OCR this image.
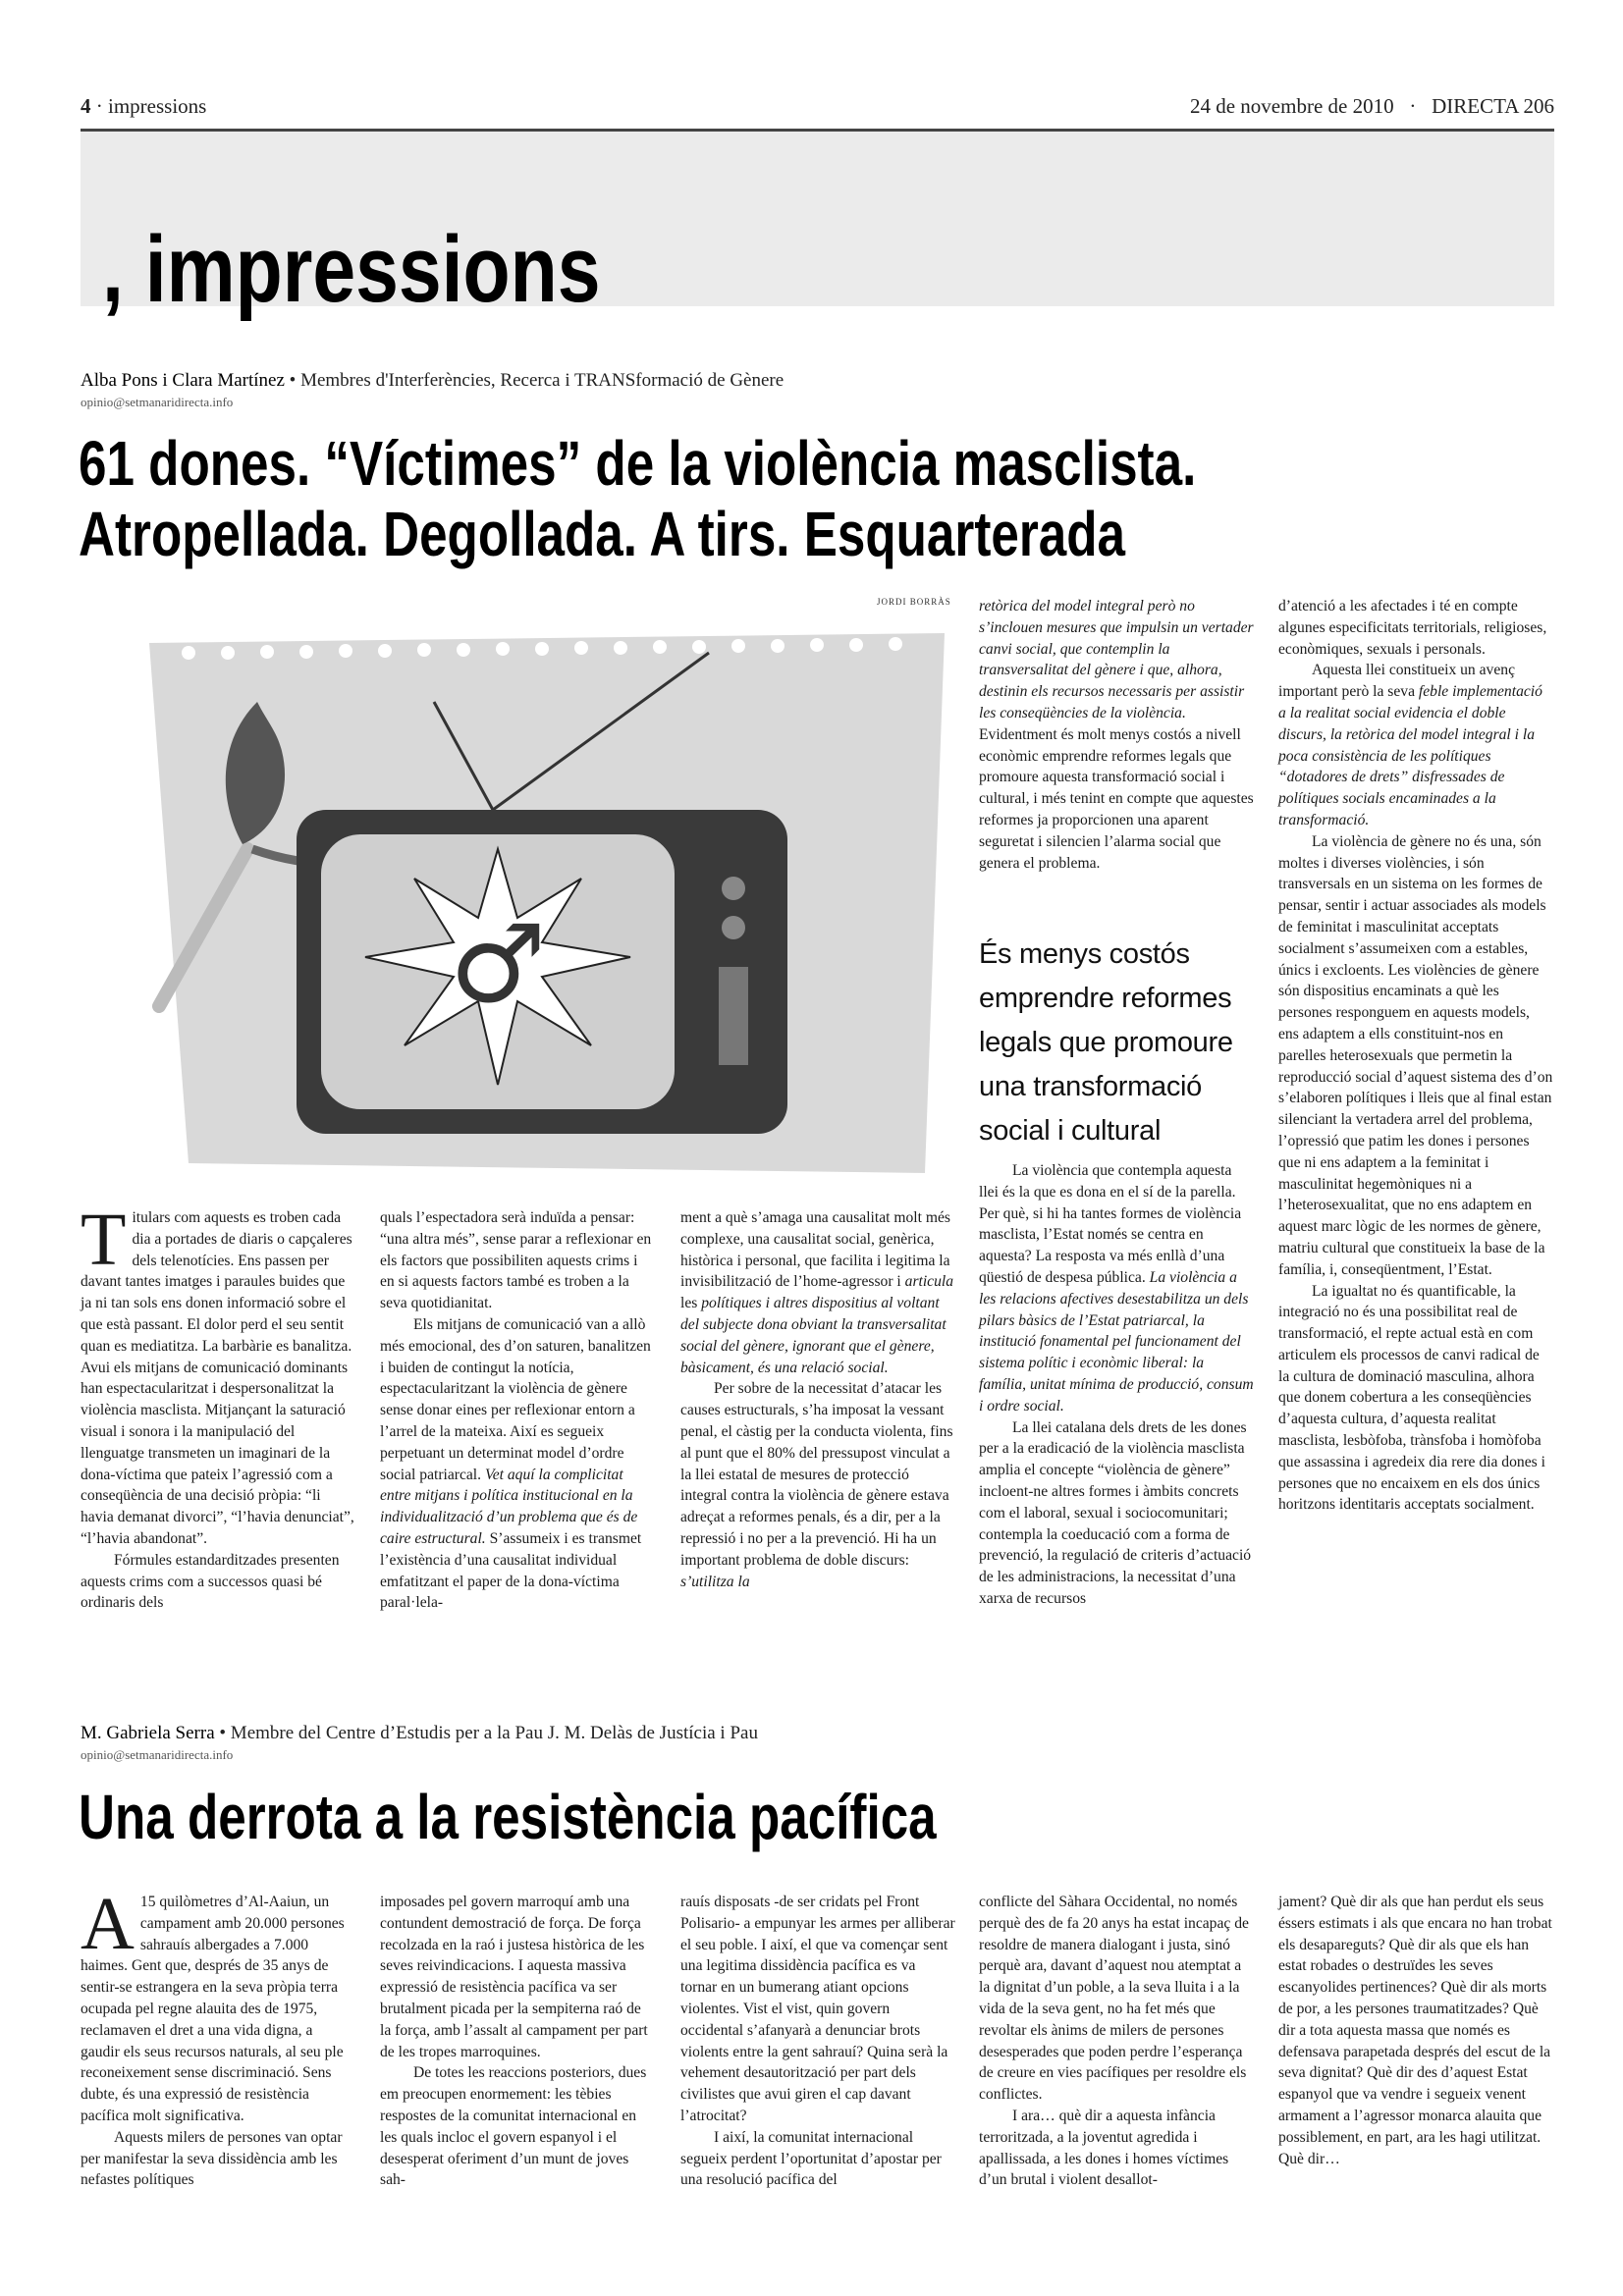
4 · impressions	24 de novembre de 2010   ·   DIRECTA 206
, impressions
Alba Pons i Clara Martínez • Membres d'Interferències, Recerca i TRANSformació de Gènere
opinio@setmanaridirecta.info
61 dones. “Víctimes” de la violència masclista.
Atropellada. Degollada. A tirs. Esquarterada
JORDI BORRÀS
♂

Titulars com aquests es troben cada dia a portades de diaris o capçaleres dels telenotícies. Ens passen per davant tantes imatges i paraules buides que ja ni tan sols ens donen informació sobre el que està passant. El dolor perd el seu sentit quan es mediatitza. La barbàrie es banalitza. Avui els mitjans de comunicació dominants han espectacularitzat i despersonalitzat la violència masclista. Mitjançant la saturació visual i sonora i la manipulació del llenguatge transmeten un imaginari de la dona-víctima que pateix l’agressió com a conseqüència de una decisió pròpia: “li havia demanat divorci”, “l’havia denunciat”, “l’havia abandonat”.

Fórmules estandarditzades presenten aquests crims com a successos quasi bé ordinaris dels

quals l’espectadora serà induïda a pensar: “una altra més”, sense parar a reflexionar en els factors que possibiliten aquests crims i en si aquests factors també es troben a la seva quotidianitat.

Els mitjans de comunicació van a allò més emocional, des d’on saturen, banalitzen i buiden de contingut la notícia, espectacularitzant la violència de gènere sense donar eines per reflexionar entorn a l’arrel de la mateixa. Així es segueix perpetuant un determinat model d’ordre social patriarcal. Vet aquí la complicitat entre mitjans i política institucional en la individualització d’un problema que és de caire estructural. S’assumeix i es transmet l’existència d’una causalitat individual emfatitzant el paper de la dona-víctima paral·lela-

ment a què s’amaga una causalitat molt més complexe, una causalitat social, genèrica, històrica i personal, que facilita i legitima la invisibilització de l’home-agressor i articula les polítiques i altres dispositius al voltant del subjecte dona obviant la transversalitat social del gènere, ignorant que el gènere, bàsicament, és una relació social.

Per sobre de la necessitat d’atacar les causes estructurals, s’ha imposat la vessant penal, el càstig per la conducta violenta, fins al punt que el 80% del pressupost vinculat a la llei estatal de mesures de protecció integral contra la violència de gènere estava adreçat a reformes penals, és a dir, per a la repressió i no per a la prevenció. Hi ha un important problema de doble discurs: s’utilitza la

retòrica del model integral però no s’inclouen mesures que impulsin un vertader canvi social, que contemplin la transversalitat del gènere i que, alhora, destinin els recursos necessaris per assistir les conseqüències de la violència. Evidentment és molt menys costós a nivell econòmic emprendre reformes legals que promoure aquesta transformació social i cultural, i més tenint en compte que aquestes reformes ja proporcionen una aparent seguretat i silencien l’alarma social que genera el problema.

És menys costós emprendre reformes legals que promoure una transformació social i cultural

La violència que contempla aquesta llei és la que es dona en el sí de la parella. Per què, si hi ha tantes formes de violència masclista, l’Estat només se centra en aquesta? La resposta va més enllà d’una qüestió de despesa pública. La violència a les relacions afectives desestabilitza un dels pilars bàsics de l’Estat patriarcal, la institució fonamental pel funcionament del sistema polític i econòmic liberal: la família, unitat mínima de producció, consum i ordre social.

La llei catalana dels drets de les dones per a la eradicació de la violència masclista amplia el concepte “violència de gènere” incloent-ne altres formes i àmbits concrets com el laboral, sexual i sociocomunitari; contempla la coeducació com a forma de prevenció, la regulació de criteris d’actuació de les administracions, la necessitat d’una xarxa de recursos

d’atenció a les afectades i té en compte algunes especificitats territorials, religioses, econòmiques, sexuals i personals.

Aquesta llei constitueix un avenç important però la seva feble implementació a la realitat social evidencia el doble discurs, la retòrica del model integral i la poca consistència de les polítiques “dotadores de drets” disfressades de polítiques socials encaminades a la transformació.

La violència de gènere no és una, són moltes i diverses violències, i són transversals en un sistema on les formes de pensar, sentir i actuar associades als models de feminitat i masculinitat acceptats socialment s’assumeixen com a estables, únics i excloents. Les violències de gènere són dispositius encaminats a què les persones responguem en aquests models, ens adaptem a ells constituint-nos en parelles heterosexuals que permetin la reproducció social d’aquest sistema des d’on s’elaboren polítiques i lleis que al final estan silenciant la vertadera arrel del problema, l’opressió que patim les dones i persones que ni ens adaptem a la feminitat i masculinitat hegemòniques ni a l’heterosexualitat, que no ens adaptem en aquest marc lògic de les normes de gènere, matriu cultural que constitueix la base de la família, i, conseqüentment, l’Estat.

La igualtat no és quantificable, la integració no és una possibilitat real de transformació, el repte actual està en com articulem els processos de canvi radical de la cultura de dominació masculina, alhora que donem cobertura a les conseqüències d’aquesta cultura, d’aquesta realitat masclista, lesbòfoba, trànsfoba i homòfoba que assassina i agredeix dia rere dia dones i persones que no encaixem en els dos únics horitzons identitaris acceptats socialment.

M. Gabriela Serra • Membre del Centre d’Estudis per a la Pau J. M. Delàs de Justícia i Pau
opinio@setmanaridirecta.info
Una derrota a la resistència pacífica

A 15 quilòmetres d’Al-Aaiun, un campament amb 20.000 persones sahrauís albergades a 7.000 haimes. Gent que, després de 35 anys de sentir-se estrangera en la seva pròpia terra ocupada pel regne alauita des de 1975, reclamaven el dret a una vida digna, a gaudir els seus recursos naturals, al seu ple reconeixement sense discriminació. Sens dubte, és una expressió de resistència pacífica molt significativa.

Aquests milers de persones van optar per manifestar la seva dissidència amb les nefastes polítiques

imposades pel govern marroquí amb una contundent demostració de força. De força recolzada en la raó i justesa històrica de les seves reivindicacions. I aquesta massiva expressió de resistència pacífica va ser brutalment picada per la sempiterna raó de la força, amb l’assalt al campament per part de les tropes marroquines.

De totes les reaccions posteriors, dues em preocupen enormement: les tèbies respostes de la comunitat internacional en les quals incloc el govern espanyol i el desesperat oferiment d’un munt de joves sah-

rauís disposats -de ser cridats pel Front Polisario- a empunyar les armes per alliberar el seu poble. I així, el que va començar sent una legitima dissidència pacífica es va tornar en un bumerang atiant opcions violentes. Vist el vist, quin govern occidental s’afanyarà a denunciar brots violents entre la gent sahrauí? Quina serà la vehement desautorització per part dels civilistes que avui giren el cap davant l’atrocitat?

I així, la comunitat internacional segueix perdent l’oportunitat d’apostar per una resolució pacífica del

conflicte del Sàhara Occidental, no només perquè des de fa 20 anys ha estat incapaç de resoldre de manera dialogant i justa, sinó perquè ara, davant d’aquest nou atemptat a la dignitat d’un poble, a la seva lluita i a la vida de la seva gent, no ha fet més que revoltar els ànims de milers de persones desesperades que poden perdre l’esperança de creure en vies pacífiques per resoldre els conflictes.

I ara… què dir a aquesta infància terroritzada, a la joventut agredida i apallissada, a les dones i homes víctimes d’un brutal i violent desallot-

jament? Què dir als que han perdut els seus éssers estimats i als que encara no han trobat els desapareguts? Què dir als que els han estat robades o destruïdes les seves escanyolides pertinences? Què dir als morts de por, a les persones traumatitzades? Què dir a tota aquesta massa que només es defensava parapetada després del escut de la seva dignitat? Què dir des d’aquest Estat espanyol que va vendre i segueix venent armament a l’agressor monarca alauita que possiblement, en part, ara les hagi utilitzat. Què dir…
